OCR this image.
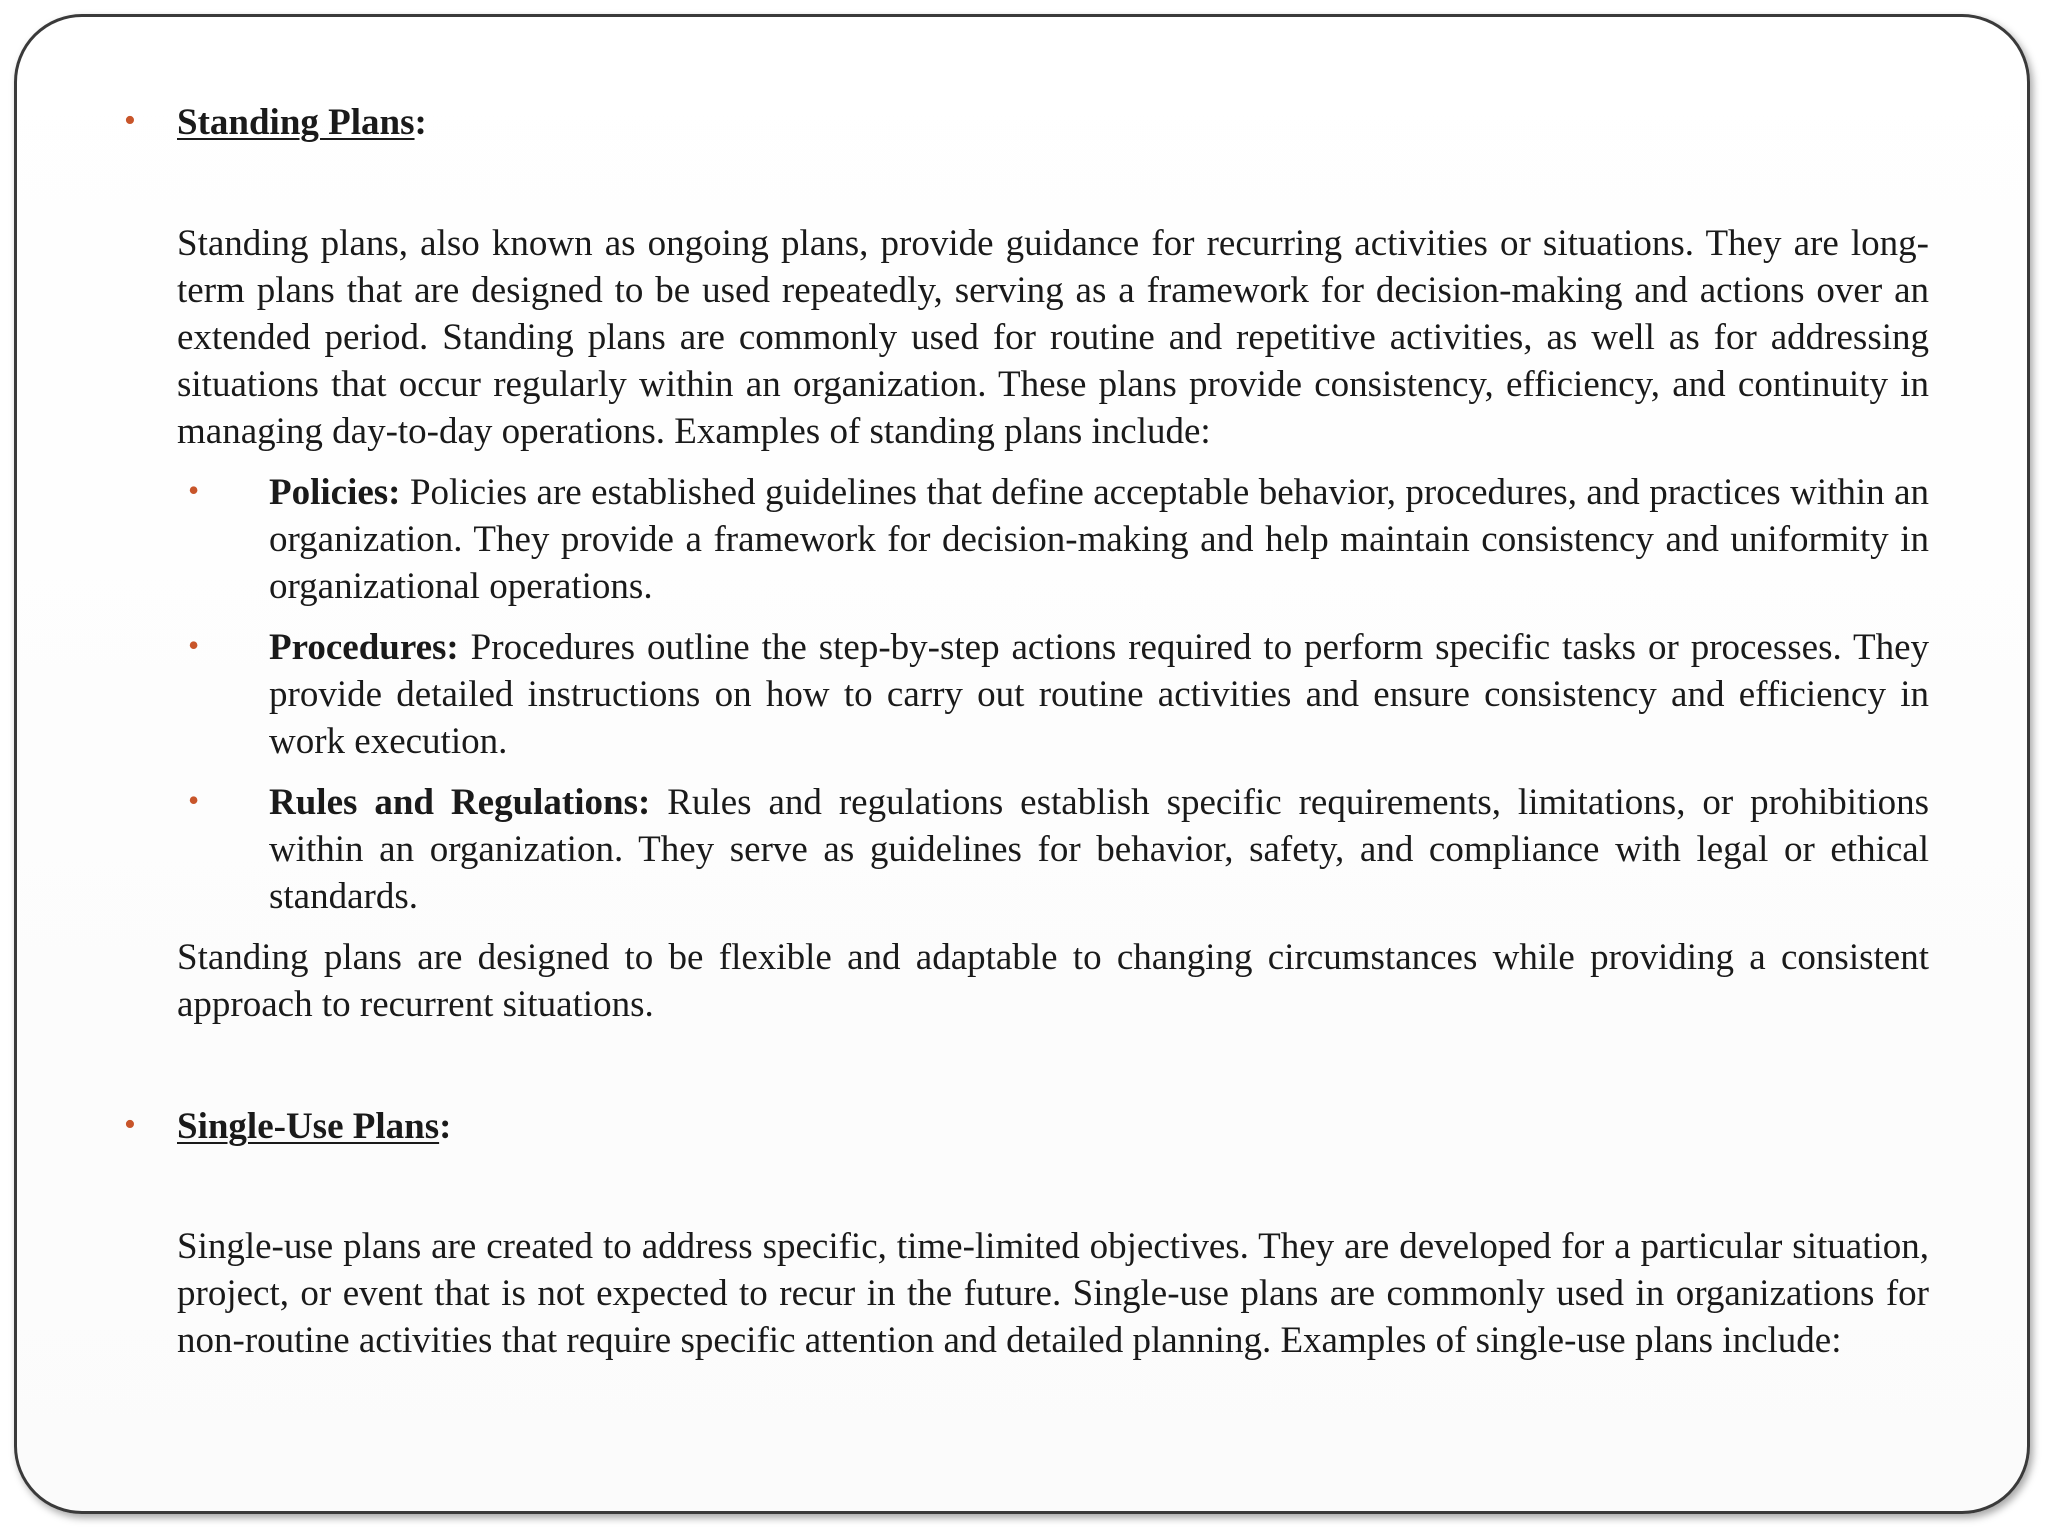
• Standing Plans:

Standing plans, also known as ongoing plans, provide guidance for recurring activities or situations. They are long-term plans that are designed to be used repeatedly, serving as a framework for decision-making and actions over an extended period. Standing plans are commonly used for routine and repetitive activities, as well as for addressing situations that occur regularly within an organization. These plans provide consistency, efficiency, and continuity in managing day-to-day operations. Examples of standing plans include:

• Policies: Policies are established guidelines that define acceptable behavior, procedures, and practices within an organization. They provide a framework for decision-making and help maintain consistency and uniformity in organizational operations.

• Procedures: Procedures outline the step-by-step actions required to perform specific tasks or processes. They provide detailed instructions on how to carry out routine activities and ensure consistency and efficiency in work execution.

• Rules and Regulations: Rules and regulations establish specific requirements, limitations, or prohibitions within an organization. They serve as guidelines for behavior, safety, and compliance with legal or ethical standards.

Standing plans are designed to be flexible and adaptable to changing circumstances while providing a consistent approach to recurrent situations.

• Single-Use Plans:

Single-use plans are created to address specific, time-limited objectives. They are developed for a particular situation, project, or event that is not expected to recur in the future. Single-use plans are commonly used in organizations for non-routine activities that require specific attention and detailed planning. Examples of single-use plans include:
